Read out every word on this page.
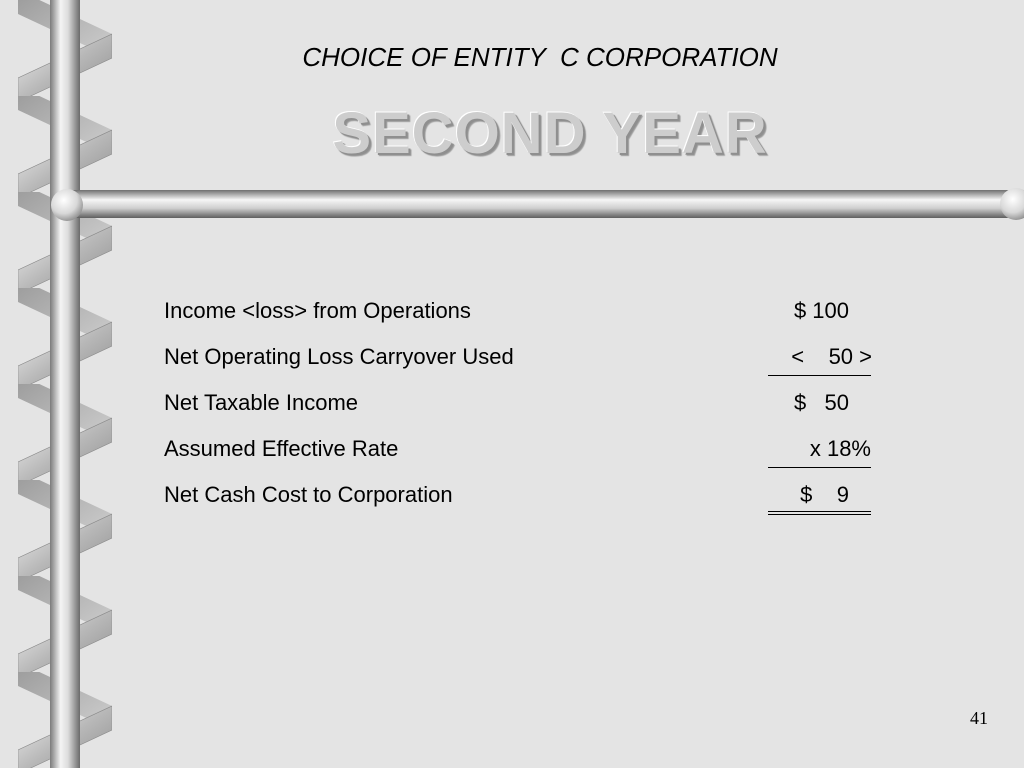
CHOICE OF ENTITY  C CORPORATION
SECOND YEAR
Income <loss> from Operations	$ 100
Net Operating Loss Carryover Used	<    50 >
Net Taxable Income	$   50
Assumed Effective Rate	x 18%
Net Cash Cost to Corporation	$    9
41
